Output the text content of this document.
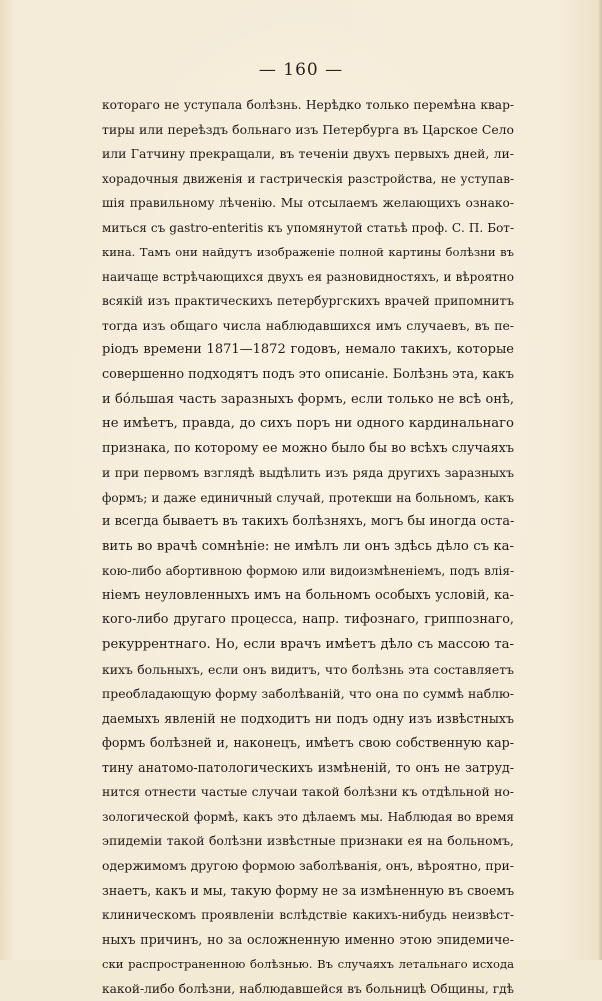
— 160 —
котораго не уступала болѣзнь. Нерѣдко только перемѣна квар-
тиры или переѣздъ больнаго изъ Петербурга въ Царское Село
или Гатчину прекращали, въ теченіи двухъ первыхъ дней, ли-
хорадочныя движенія и гастрическія разстройства, не уступав-
шія правильному лѣченію. Мы отсылаемъ желающихъ ознако-
миться съ gastro-enteritis къ упомянутой статьѣ проф. С. П. Бот-
кина. Тамъ они найдутъ изображеніе полной картины болѣзни въ
наичаще встрѣчающихся двухъ ея разновидностяхъ, и вѣроятно
всякій изъ практическихъ петербургскихъ врачей припомнитъ
тогда изъ общаго числа наблюдавшихся имъ случаевъ, въ пе-
ріодъ времени 1871—1872 годовъ, немало такихъ, которые
совершенно подходятъ подъ это описаніе. Болѣзнь эта, какъ
и бóльшая часть заразныхъ формъ, если только не всѣ онѣ,
не имѣетъ, правда, до сихъ поръ ни одного кардинальнаго
признака, по которому ее можно было бы во всѣхъ случаяхъ
и при первомъ взглядѣ выдѣлить изъ ряда другихъ заразныхъ
формъ; и даже единичный случай, протекши на больномъ, какъ
и всегда бываетъ въ такихъ болѣзняхъ, могъ бы иногда оста-
вить во врачѣ сомнѣніе: не имѣлъ ли онъ здѣсь дѣло съ ка-
кою-либо абортивною формою или видоизмѣненіемъ, подъ влія-
ніемъ неуловленныхъ имъ на больномъ особыхъ условій, ка-
кого-либо другаго процесса, напр. тифознаго, гриппознаго,
рекуррентнаго. Но, если врачъ имѣетъ дѣло съ массою та-
кихъ больныхъ, если онъ видитъ, что болѣзнь эта составляетъ
преобладающую форму заболѣваній, что она по суммѣ наблю-
даемыхъ явленій не подходитъ ни подъ одну изъ извѣстныхъ
формъ болѣзней и, наконецъ, имѣетъ свою собственную кар-
тину анатомо-патологическихъ измѣненій, то онъ не затруд-
нится отнести частые случаи такой болѣзни къ отдѣльной но-
зологической формѣ, какъ это дѣлаемъ мы. Наблюдая во время
эпидеміи такой болѣзни извѣстные признаки ея на больномъ,
одержимомъ другою формою заболѣванія, онъ, вѣроятно, при-
знаетъ, какъ и мы, такую форму не за измѣненную въ своемъ
клиническомъ проявленіи вслѣдствіе какихъ-нибудь неизвѣст-
ныхъ причинъ, но за осложненную именно этою эпидемиче-
ски распространенною болѣзнью. Въ случаяхъ летальнаго исхода
какой-либо болѣзни, наблюдавшейся въ больницѣ Общины, гдѣ
